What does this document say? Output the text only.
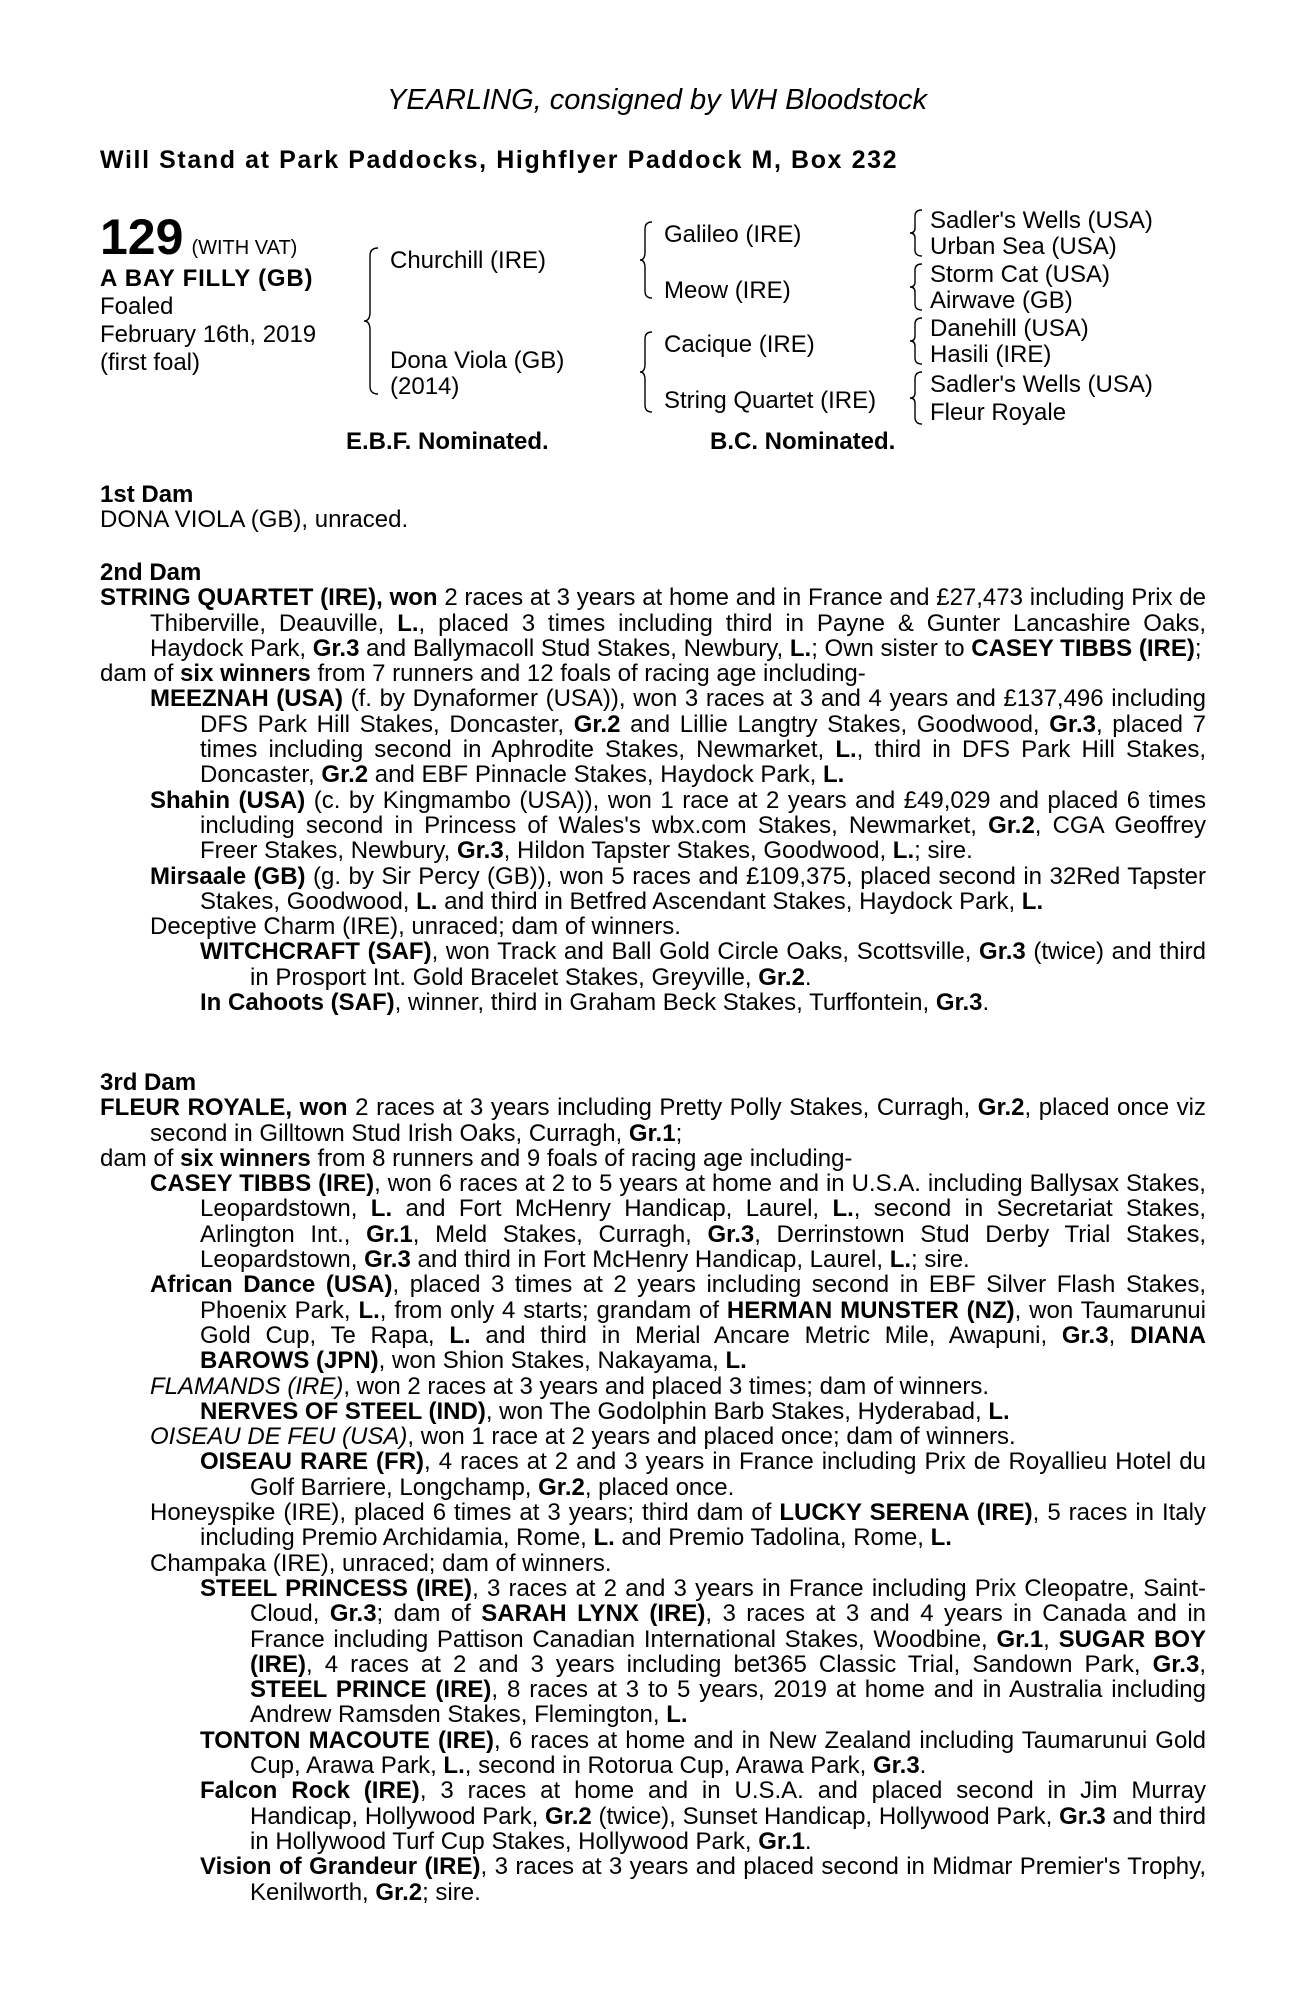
YEARLING, consigned by WH Bloodstock
Will Stand at Park Paddocks, Highflyer Paddock M, Box 232
129 (WITH VAT)
A BAY FILLY (GB)
Foaled
February 16th, 2019
(first foal)
Churchill (IRE)
Dona Viola (GB)
(2014)
Galileo (IRE)
Meow (IRE)
Cacique (IRE)
String Quartet (IRE)
Sadler's Wells (USA)
Urban Sea (USA)
Storm Cat (USA)
Airwave (GB)
Danehill (USA)
Hasili (IRE)
Sadler's Wells (USA)
Fleur Royale
E.B.F. Nominated.	B.C. Nominated.
1st Dam

DONA VIOLA (GB), unraced.

2nd Dam

STRING QUARTET (IRE), won 2 races at 3 years at home and in France and £27,473 including Prix de Thiberville, Deauville, L., placed 3 times including third in Payne & Gunter Lancashire Oaks, Haydock Park, Gr.3 and Ballymacoll Stud Stakes, Newbury, L.; Own sister to CASEY TIBBS (IRE);

dam of six winners from 7 runners and 12 foals of racing age including-

MEEZNAH (USA) (f. by Dynaformer (USA)), won 3 races at 3 and 4 years and £137,496 including DFS Park Hill Stakes, Doncaster, Gr.2 and Lillie Langtry Stakes, Goodwood, Gr.3, placed 7 times including second in Aphrodite Stakes, Newmarket, L., third in DFS Park Hill Stakes, Doncaster, Gr.2 and EBF Pinnacle Stakes, Haydock Park, L.

Shahin (USA) (c. by Kingmambo (USA)), won 1 race at 2 years and £49,029 and placed 6 times including second in Princess of Wales's wbx.com Stakes, Newmarket, Gr.2, CGA Geoffrey Freer Stakes, Newbury, Gr.3, Hildon Tapster Stakes, Goodwood, L.; sire.

Mirsaale (GB) (g. by Sir Percy (GB)), won 5 races and £109,375, placed second in 32Red Tapster Stakes, Goodwood, L. and third in Betfred Ascendant Stakes, Haydock Park, L.

Deceptive Charm (IRE), unraced; dam of winners.

WITCHCRAFT (SAF), won Track and Ball Gold Circle Oaks, Scottsville, Gr.3 (twice) and third in Prosport Int. Gold Bracelet Stakes, Greyville, Gr.2.

In Cahoots (SAF), winner, third in Graham Beck Stakes, Turffontein, Gr.3.

3rd Dam

FLEUR ROYALE, won 2 races at 3 years including Pretty Polly Stakes, Curragh, Gr.2, placed once viz second in Gilltown Stud Irish Oaks, Curragh, Gr.1;

dam of six winners from 8 runners and 9 foals of racing age including-

CASEY TIBBS (IRE), won 6 races at 2 to 5 years at home and in U.S.A. including Ballysax Stakes, Leopardstown, L. and Fort McHenry Handicap, Laurel, L., second in Secretariat Stakes, Arlington Int., Gr.1, Meld Stakes, Curragh, Gr.3, Derrinstown Stud Derby Trial Stakes, Leopardstown, Gr.3 and third in Fort McHenry Handicap, Laurel, L.; sire.

African Dance (USA), placed 3 times at 2 years including second in EBF Silver Flash Stakes, Phoenix Park, L., from only 4 starts; grandam of HERMAN MUNSTER (NZ), won Taumarunui Gold Cup, Te Rapa, L. and third in Merial Ancare Metric Mile, Awapuni, Gr.3, DIANA BAROWS (JPN), won Shion Stakes, Nakayama, L.

FLAMANDS (IRE), won 2 races at 3 years and placed 3 times; dam of winners.

NERVES OF STEEL (IND), won The Godolphin Barb Stakes, Hyderabad, L.

OISEAU DE FEU (USA), won 1 race at 2 years and placed once; dam of winners.

OISEAU RARE (FR), 4 races at 2 and 3 years in France including Prix de Royallieu Hotel du Golf Barriere, Longchamp, Gr.2, placed once.

Honeyspike (IRE), placed 6 times at 3 years; third dam of LUCKY SERENA (IRE), 5 races in Italy including Premio Archidamia, Rome, L. and Premio Tadolina, Rome, L.

Champaka (IRE), unraced; dam of winners.

STEEL PRINCESS (IRE), 3 races at 2 and 3 years in France including Prix Cleopatre, Saint-Cloud, Gr.3; dam of SARAH LYNX (IRE), 3 races at 3 and 4 years in Canada and in France including Pattison Canadian International Stakes, Woodbine, Gr.1, SUGAR BOY (IRE), 4 races at 2 and 3 years including bet365 Classic Trial, Sandown Park, Gr.3, STEEL PRINCE (IRE), 8 races at 3 to 5 years, 2019 at home and in Australia including Andrew Ramsden Stakes, Flemington, L.

TONTON MACOUTE (IRE), 6 races at home and in New Zealand including Taumarunui Gold Cup, Arawa Park, L., second in Rotorua Cup, Arawa Park, Gr.3.

Falcon Rock (IRE), 3 races at home and in U.S.A. and placed second in Jim Murray Handicap, Hollywood Park, Gr.2 (twice), Sunset Handicap, Hollywood Park, Gr.3 and third in Hollywood Turf Cup Stakes, Hollywood Park, Gr.1.

Vision of Grandeur (IRE), 3 races at 3 years and placed second in Midmar Premier's Trophy, Kenilworth, Gr.2; sire.
